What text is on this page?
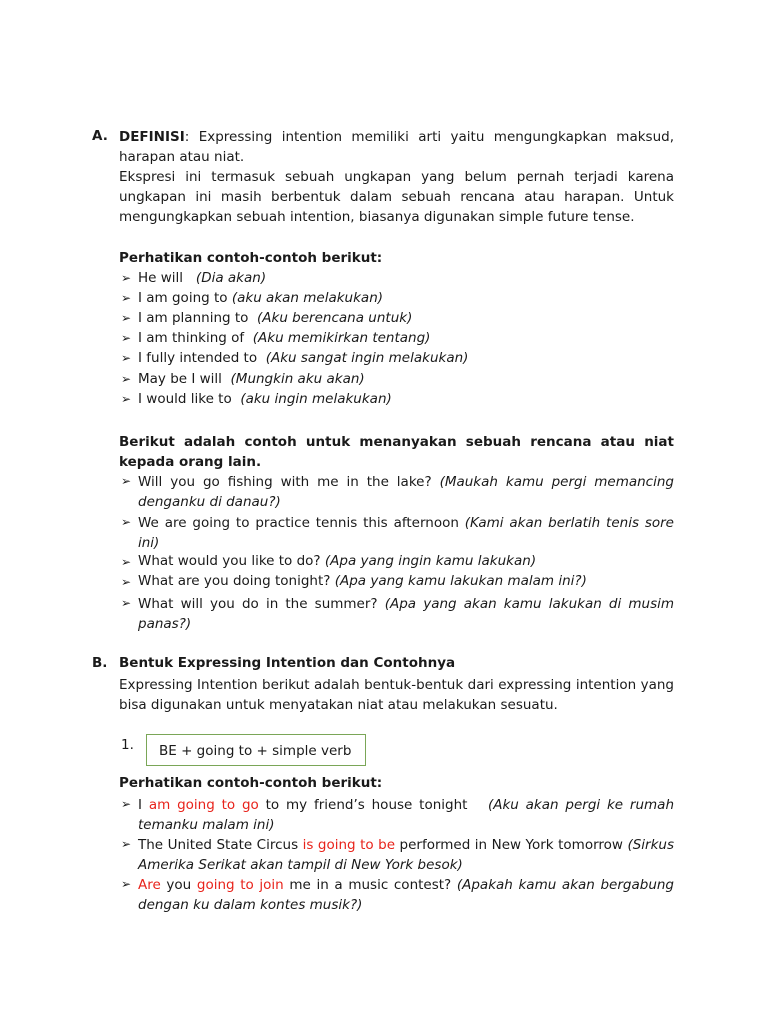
A. DEFINISI: Expressing intention memiliki arti yaitu mengungkapkan maksud, harapan atau niat.
Ekspresi ini termasuk sebuah ungkapan yang belum pernah terjadi karena ungkapan ini masih berbentuk dalam sebuah rencana atau harapan. Untuk mengungkapkan sebuah intention, biasanya digunakan simple future tense.
Perhatikan contoh-contoh berikut:
➢ He will (Dia akan)
➢ I am going to (aku akan melakukan)
➢ I am planning to (Aku berencana untuk)
➢ I am thinking of (Aku memikirkan tentang)
➢ I fully intended to (Aku sangat ingin melakukan)
➢ May be I will (Mungkin aku akan)
➢ I would like to (aku ingin melakukan)
Berikut adalah contoh untuk menanyakan sebuah rencana atau niat kepada orang lain.
➢ Will you go fishing with me in the lake? (Maukah kamu pergi memancing denganku di danau?)
➢ We are going to practice tennis this afternoon (Kami akan berlatih tenis sore ini)
➢ What would you like to do? (Apa yang ingin kamu lakukan)
➢ What are you doing tonight? (Apa yang kamu lakukan malam ini?)
➢ What will you do in the summer? (Apa yang akan kamu lakukan di musim panas?)
B. Bentuk Expressing Intention dan Contohnya
Expressing Intention berikut adalah bentuk-bentuk dari expressing intention yang bisa digunakan untuk menyatakan niat atau melakukan sesuatu.
1.	BE + going to + simple verb
Perhatikan contoh-contoh berikut:
➢ I am going to go to my friend’s house tonight (Aku akan pergi ke rumah temanku malam ini)
➢ The United State Circus is going to be performed in New York tomorrow (Sirkus Amerika Serikat akan tampil di New York besok)
➢ Are you going to join me in a music contest? (Apakah kamu akan bergabung dengan ku dalam kontes musik?)
